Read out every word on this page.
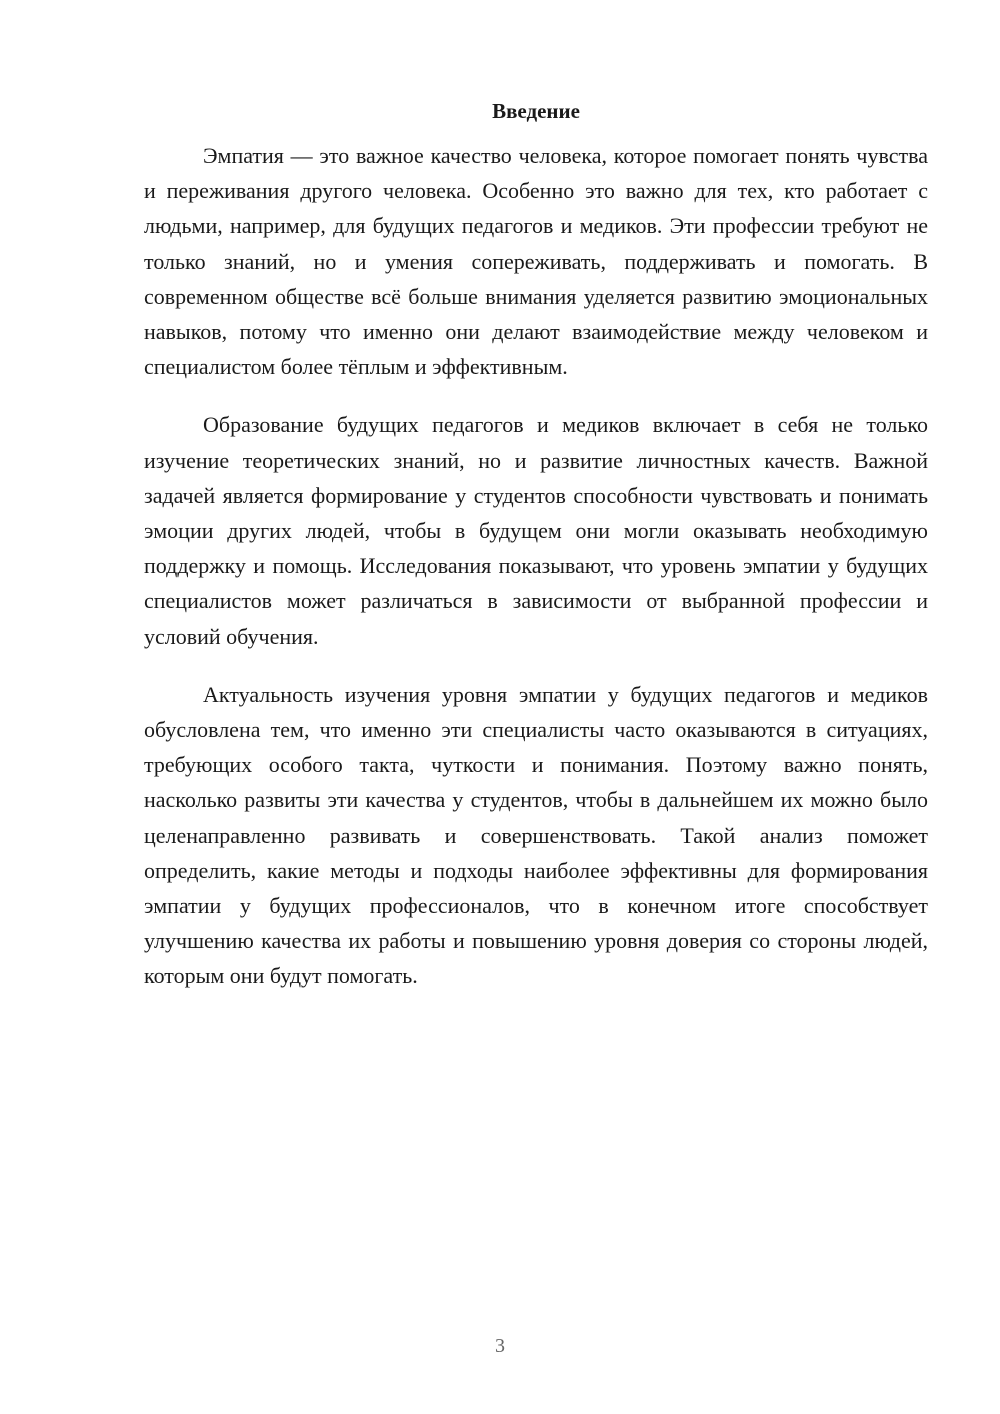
Введение

Эмпатия — это важное качество человека, которое помогает понять чувства и переживания другого человека. Особенно это важно для тех, кто работает с людьми, например, для будущих педагогов и медиков. Эти профессии требуют не только знаний, но и умения сопереживать, поддерживать и помогать. В современном обществе всё больше внимания уделяется развитию эмоциональных навыков, потому что именно они делают взаимодействие между человеком и специалистом более тёплым и эффективным.

Образование будущих педагогов и медиков включает в себя не только изучение теоретических знаний, но и развитие личностных качеств. Важной задачей является формирование у студентов способности чувствовать и понимать эмоции других людей, чтобы в будущем они могли оказывать необходимую поддержку и помощь. Исследования показывают, что уровень эмпатии у будущих специалистов может различаться в зависимости от выбранной профессии и условий обучения.

Актуальность изучения уровня эмпатии у будущих педагогов и медиков обусловлена тем, что именно эти специалисты часто оказываются в ситуациях, требующих особого такта, чуткости и понимания. Поэтому важно понять, насколько развиты эти качества у студентов, чтобы в дальнейшем их можно было целенаправленно развивать и совершенствовать. Такой анализ поможет определить, какие методы и подходы наиболее эффективны для формирования эмпатии у будущих профессионалов, что в конечном итоге способствует улучшению качества их работы и повышению уровня доверия со стороны людей, которым они будут помогать.

3
